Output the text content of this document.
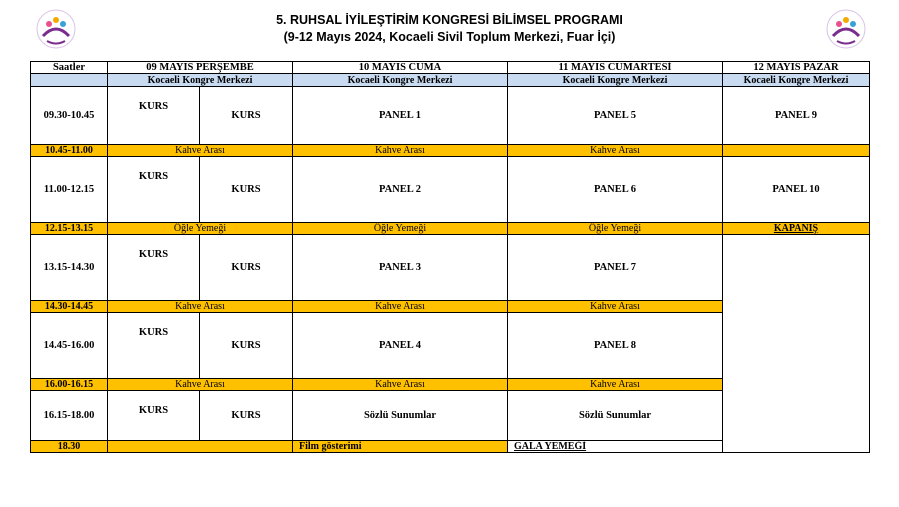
5. RUHSAL İYİLEŞTİRİM KONGRESİ BİLİMSEL PROGRAMI
(9-12 Mayıs 2024, Kocaeli Sivil Toplum Merkezi, Fuar İçi)
Saatler	09 MAYIS PERŞEMBE		10 MAYIS CUMA	11 MAYIS CUMARTESİ	12 MAYIS PAZAR	
	Kocaeli Kongre Merkezi		Kocaeli Kongre Merkezi	Kocaeli Kongre Merkezi	Kocaeli Kongre Merkezi	
09.30-10.45	KURS	KURS	PANEL 1	PANEL 5	PANEL 9	
10.45-11.00	Kahve Arası		Kahve Arası	Kahve Arası		
11.00-12.15	KURS	KURS	PANEL 2	PANEL 6	PANEL 10	
12.15-13.15	Öğle Yemeği		Öğle Yemeği	Öğle Yemeği	KAPANIŞ	
13.15-14.30	KURS	KURS	PANEL 3	PANEL 7		
14.30-14.45	Kahve Arası		Kahve Arası	Kahve Arası		
14.45-16.00	KURS	KURS	PANEL 4	PANEL 8		
16.00-16.15	Kahve Arası		Kahve Arası	Kahve Arası		
16.15-18.00	KURS	KURS	Sözlü Sunumlar	Sözlü Sunumlar		
18.30			Film gösterimi	GALA YEMEĞİ		
